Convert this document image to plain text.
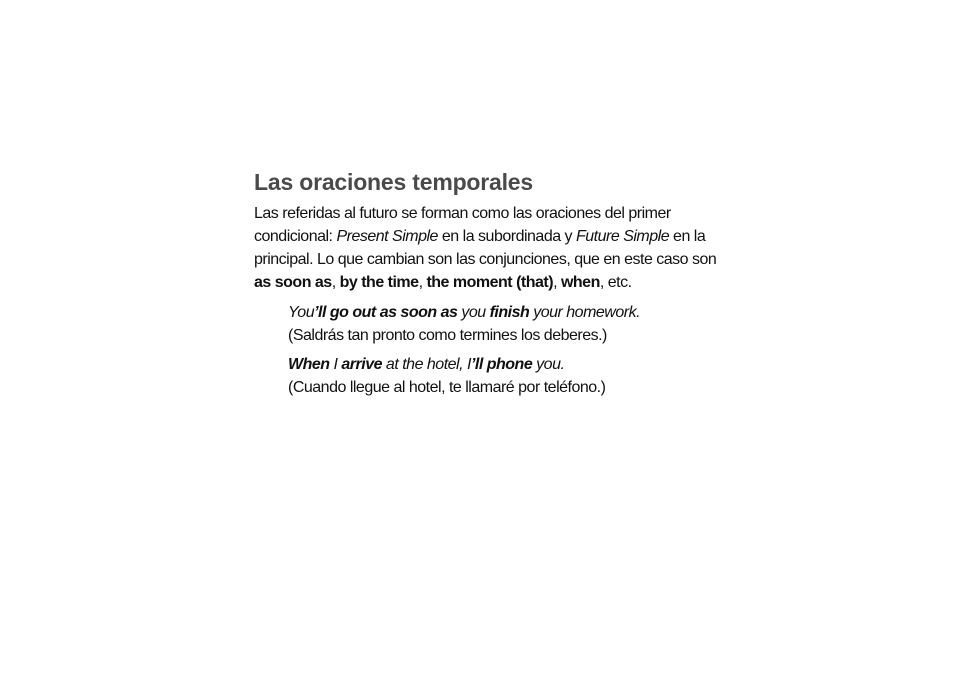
Las oraciones temporales

Las referidas al futuro se forman como las oraciones del primer condicional: Present Simple en la subordinada y Future Simple en la principal. Lo que cambian son las conjunciones, que en este caso son as soon as, by the time, the moment (that), when, etc.

You’ll go out as soon as you finish your homework.
(Saldrás tan pronto como termines los deberes.)
When I arrive at the hotel, I’ll phone you.
(Cuando llegue al hotel, te llamaré por teléfono.)
